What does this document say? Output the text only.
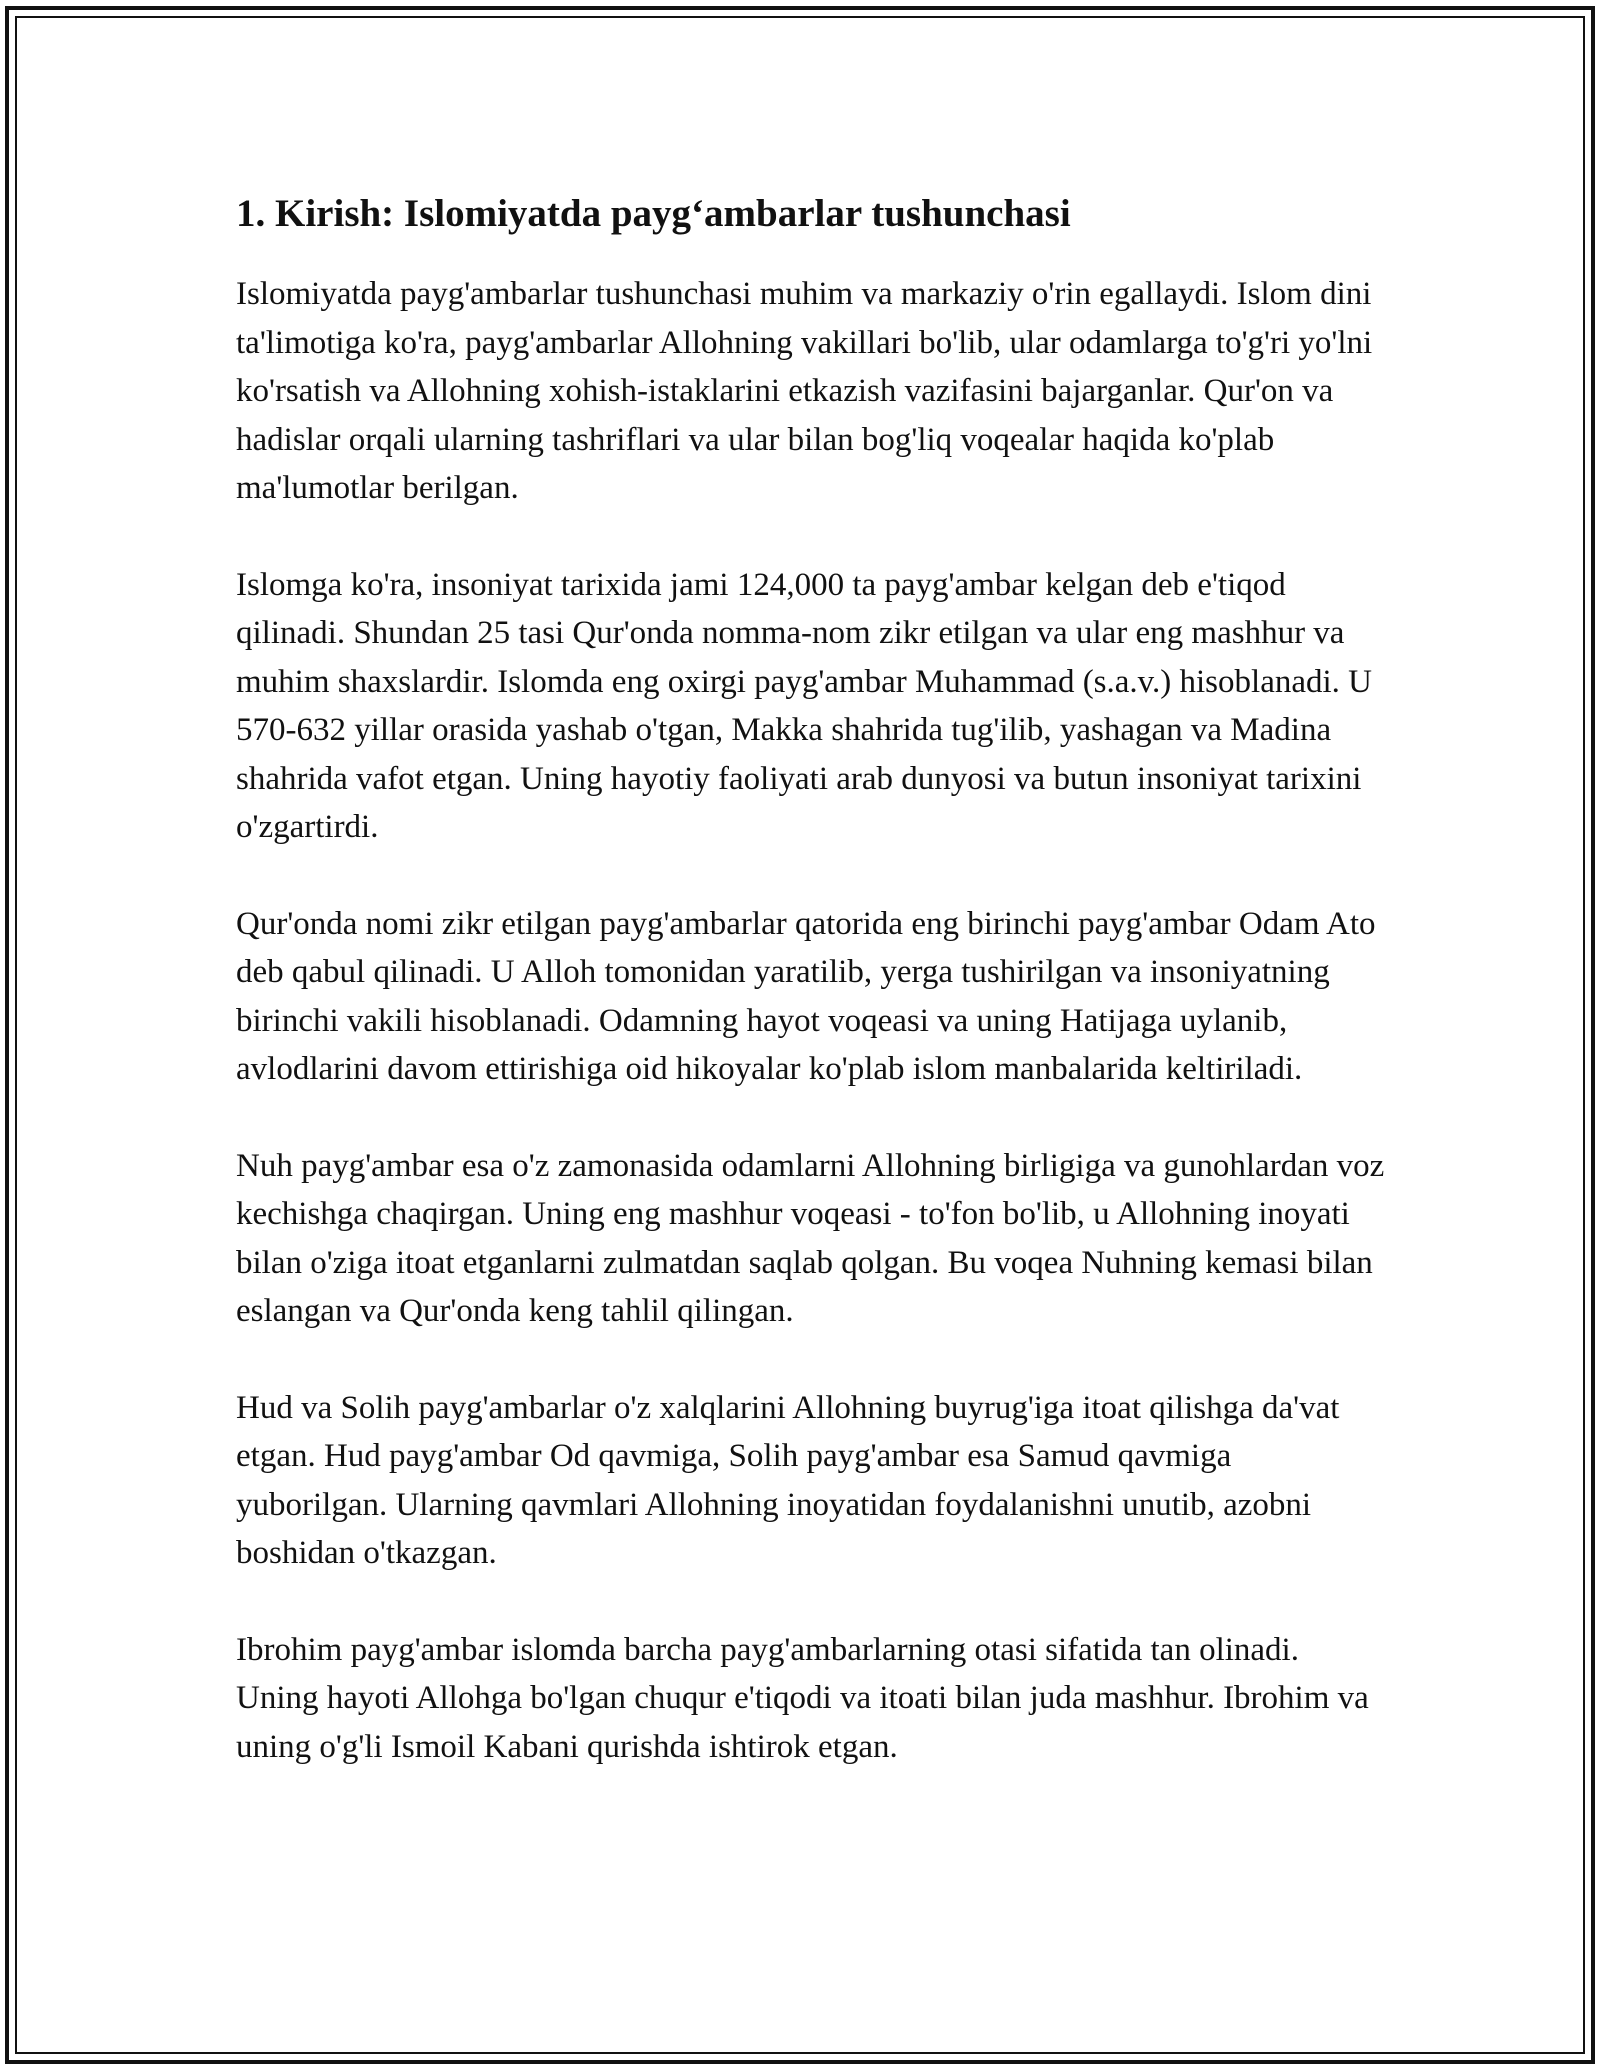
1. Kirish: Islomiyatda payg‘ambarlar tushunchasi

Islomiyatda payg'ambarlar tushunchasi muhim va markaziy o'rin egallaydi. Islom dini ta'limotiga ko'ra, payg'ambarlar Allohning vakillari bo'lib, ular odamlarga to'g'ri yo'lni ko'rsatish va Allohning xohish-istaklarini etkazish vazifasini bajarganlar. Qur'on va hadislar orqali ularning tashriflari va ular bilan bog'liq voqealar haqida ko'plab ma'lumotlar berilgan.

Islomga ko'ra, insoniyat tarixida jami 124,000 ta payg'ambar kelgan deb e'tiqod qilinadi. Shundan 25 tasi Qur'onda nomma-nom zikr etilgan va ular eng mashhur va muhim shaxslardir. Islomda eng oxirgi payg'ambar Muhammad (s.a.v.) hisoblanadi. U 570-632 yillar orasida yashab o'tgan, Makka shahrida tug'ilib, yashagan va Madina shahrida vafot etgan. Uning hayotiy faoliyati arab dunyosi va butun insoniyat tarixini o'zgartirdi.

Qur'onda nomi zikr etilgan payg'ambarlar qatorida eng birinchi payg'ambar Odam Ato deb qabul qilinadi. U Alloh tomonidan yaratilib, yerga tushirilgan va insoniyatning birinchi vakili hisoblanadi. Odamning hayot voqeasi va uning Hatijaga uylanib, avlodlarini davom ettirishiga oid hikoyalar ko'plab islom manbalarida keltiriladi.

Nuh payg'ambar esa o'z zamonasida odamlarni Allohning birligiga va gunohlardan voz kechishga chaqirgan. Uning eng mashhur voqeasi - to'fon bo'lib, u Allohning inoyati bilan o'ziga itoat etganlarni zulmatdan saqlab qolgan. Bu voqea Nuhning kemasi bilan eslangan va Qur'onda keng tahlil qilingan.

Hud va Solih payg'ambarlar o'z xalqlarini Allohning buyrug'iga itoat qilishga da'vat etgan. Hud payg'ambar Od qavmiga, Solih payg'ambar esa Samud qavmiga yuborilgan. Ularning qavmlari Allohning inoyatidan foydalanishni unutib, azobni boshidan o'tkazgan.

Ibrohim payg'ambar islomda barcha payg'ambarlarning otasi sifatida tan olinadi. Uning hayoti Allohga bo'lgan chuqur e'tiqodi va itoati bilan juda mashhur. Ibrohim va uning o'g'li Ismoil Kabani qurishda ishtirok etgan.
